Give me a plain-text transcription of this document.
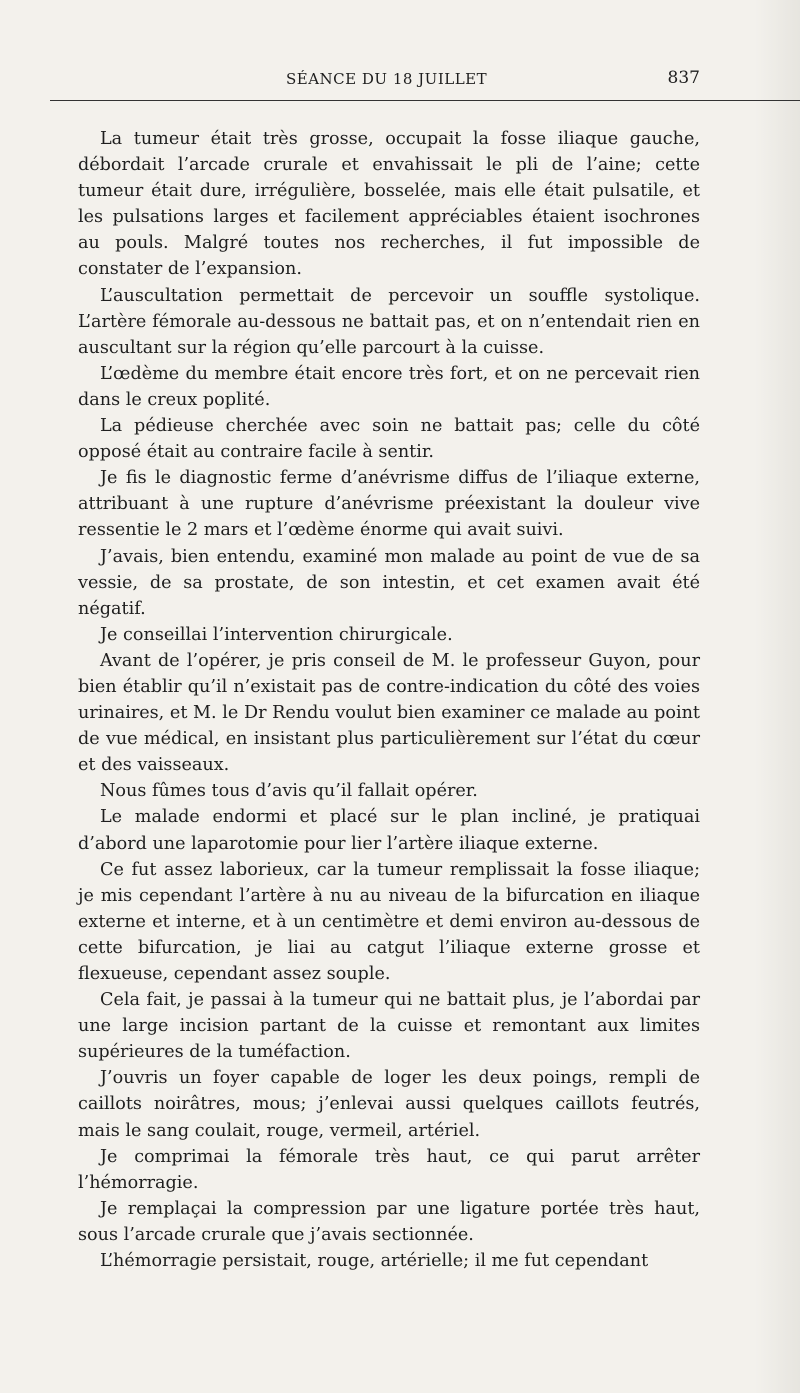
SÉANCE DU 18 JUILLET	837

La tumeur était très grosse, occupait la fosse iliaque gauche, débordait l’arcade crurale et envahissait le pli de l’aine; cette tumeur était dure, irrégulière, bosselée, mais elle était pulsatile, et les pulsations larges et facilement appréciables étaient isochrones au pouls. Malgré toutes nos recherches, il fut impossible de constater de l’expansion.

L’auscultation permettait de percevoir un souffle systolique. L’artère fémorale au-dessous ne battait pas, et on n’entendait rien en auscultant sur la région qu’elle parcourt à la cuisse.

L’œdème du membre était encore très fort, et on ne percevait rien dans le creux poplité.

La pédieuse cherchée avec soin ne battait pas; celle du côté opposé était au contraire facile à sentir.

Je fis le diagnostic ferme d’anévrisme diffus de l’iliaque externe, attribuant à une rupture d’anévrisme préexistant la douleur vive ressentie le 2 mars et l’œdème énorme qui avait suivi.

J’avais, bien entendu, examiné mon malade au point de vue de sa vessie, de sa prostate, de son intestin, et cet examen avait été négatif.

Je conseillai l’intervention chirurgicale.

Avant de l’opérer, je pris conseil de M. le professeur Guyon, pour bien établir qu’il n’existait pas de contre-indication du côté des voies urinaires, et M. le Dr Rendu voulut bien examiner ce malade au point de vue médical, en insistant plus particulièrement sur l’état du cœur et des vaisseaux.

Nous fûmes tous d’avis qu’il fallait opérer.

Le malade endormi et placé sur le plan incliné, je pratiquai d’abord une laparotomie pour lier l’artère iliaque externe.

Ce fut assez laborieux, car la tumeur remplissait la fosse iliaque; je mis cependant l’artère à nu au niveau de la bifurcation en iliaque externe et interne, et à un centimètre et demi environ au-dessous de cette bifurcation, je liai au catgut l’iliaque externe grosse et flexueuse, cependant assez souple.

Cela fait, je passai à la tumeur qui ne battait plus, je l’abordai par une large incision partant de la cuisse et remontant aux limites supérieures de la tuméfaction.

J’ouvris un foyer capable de loger les deux poings, rempli de caillots noirâtres, mous; j’enlevai aussi quelques caillots feutrés, mais le sang coulait, rouge, vermeil, artériel.

Je comprimai la fémorale très haut, ce qui parut arrêter l’hémorragie.

Je remplaçai la compression par une ligature portée très haut, sous l’arcade crurale que j’avais sectionnée.

L’hémorragie persistait, rouge, artérielle; il me fut cependant
